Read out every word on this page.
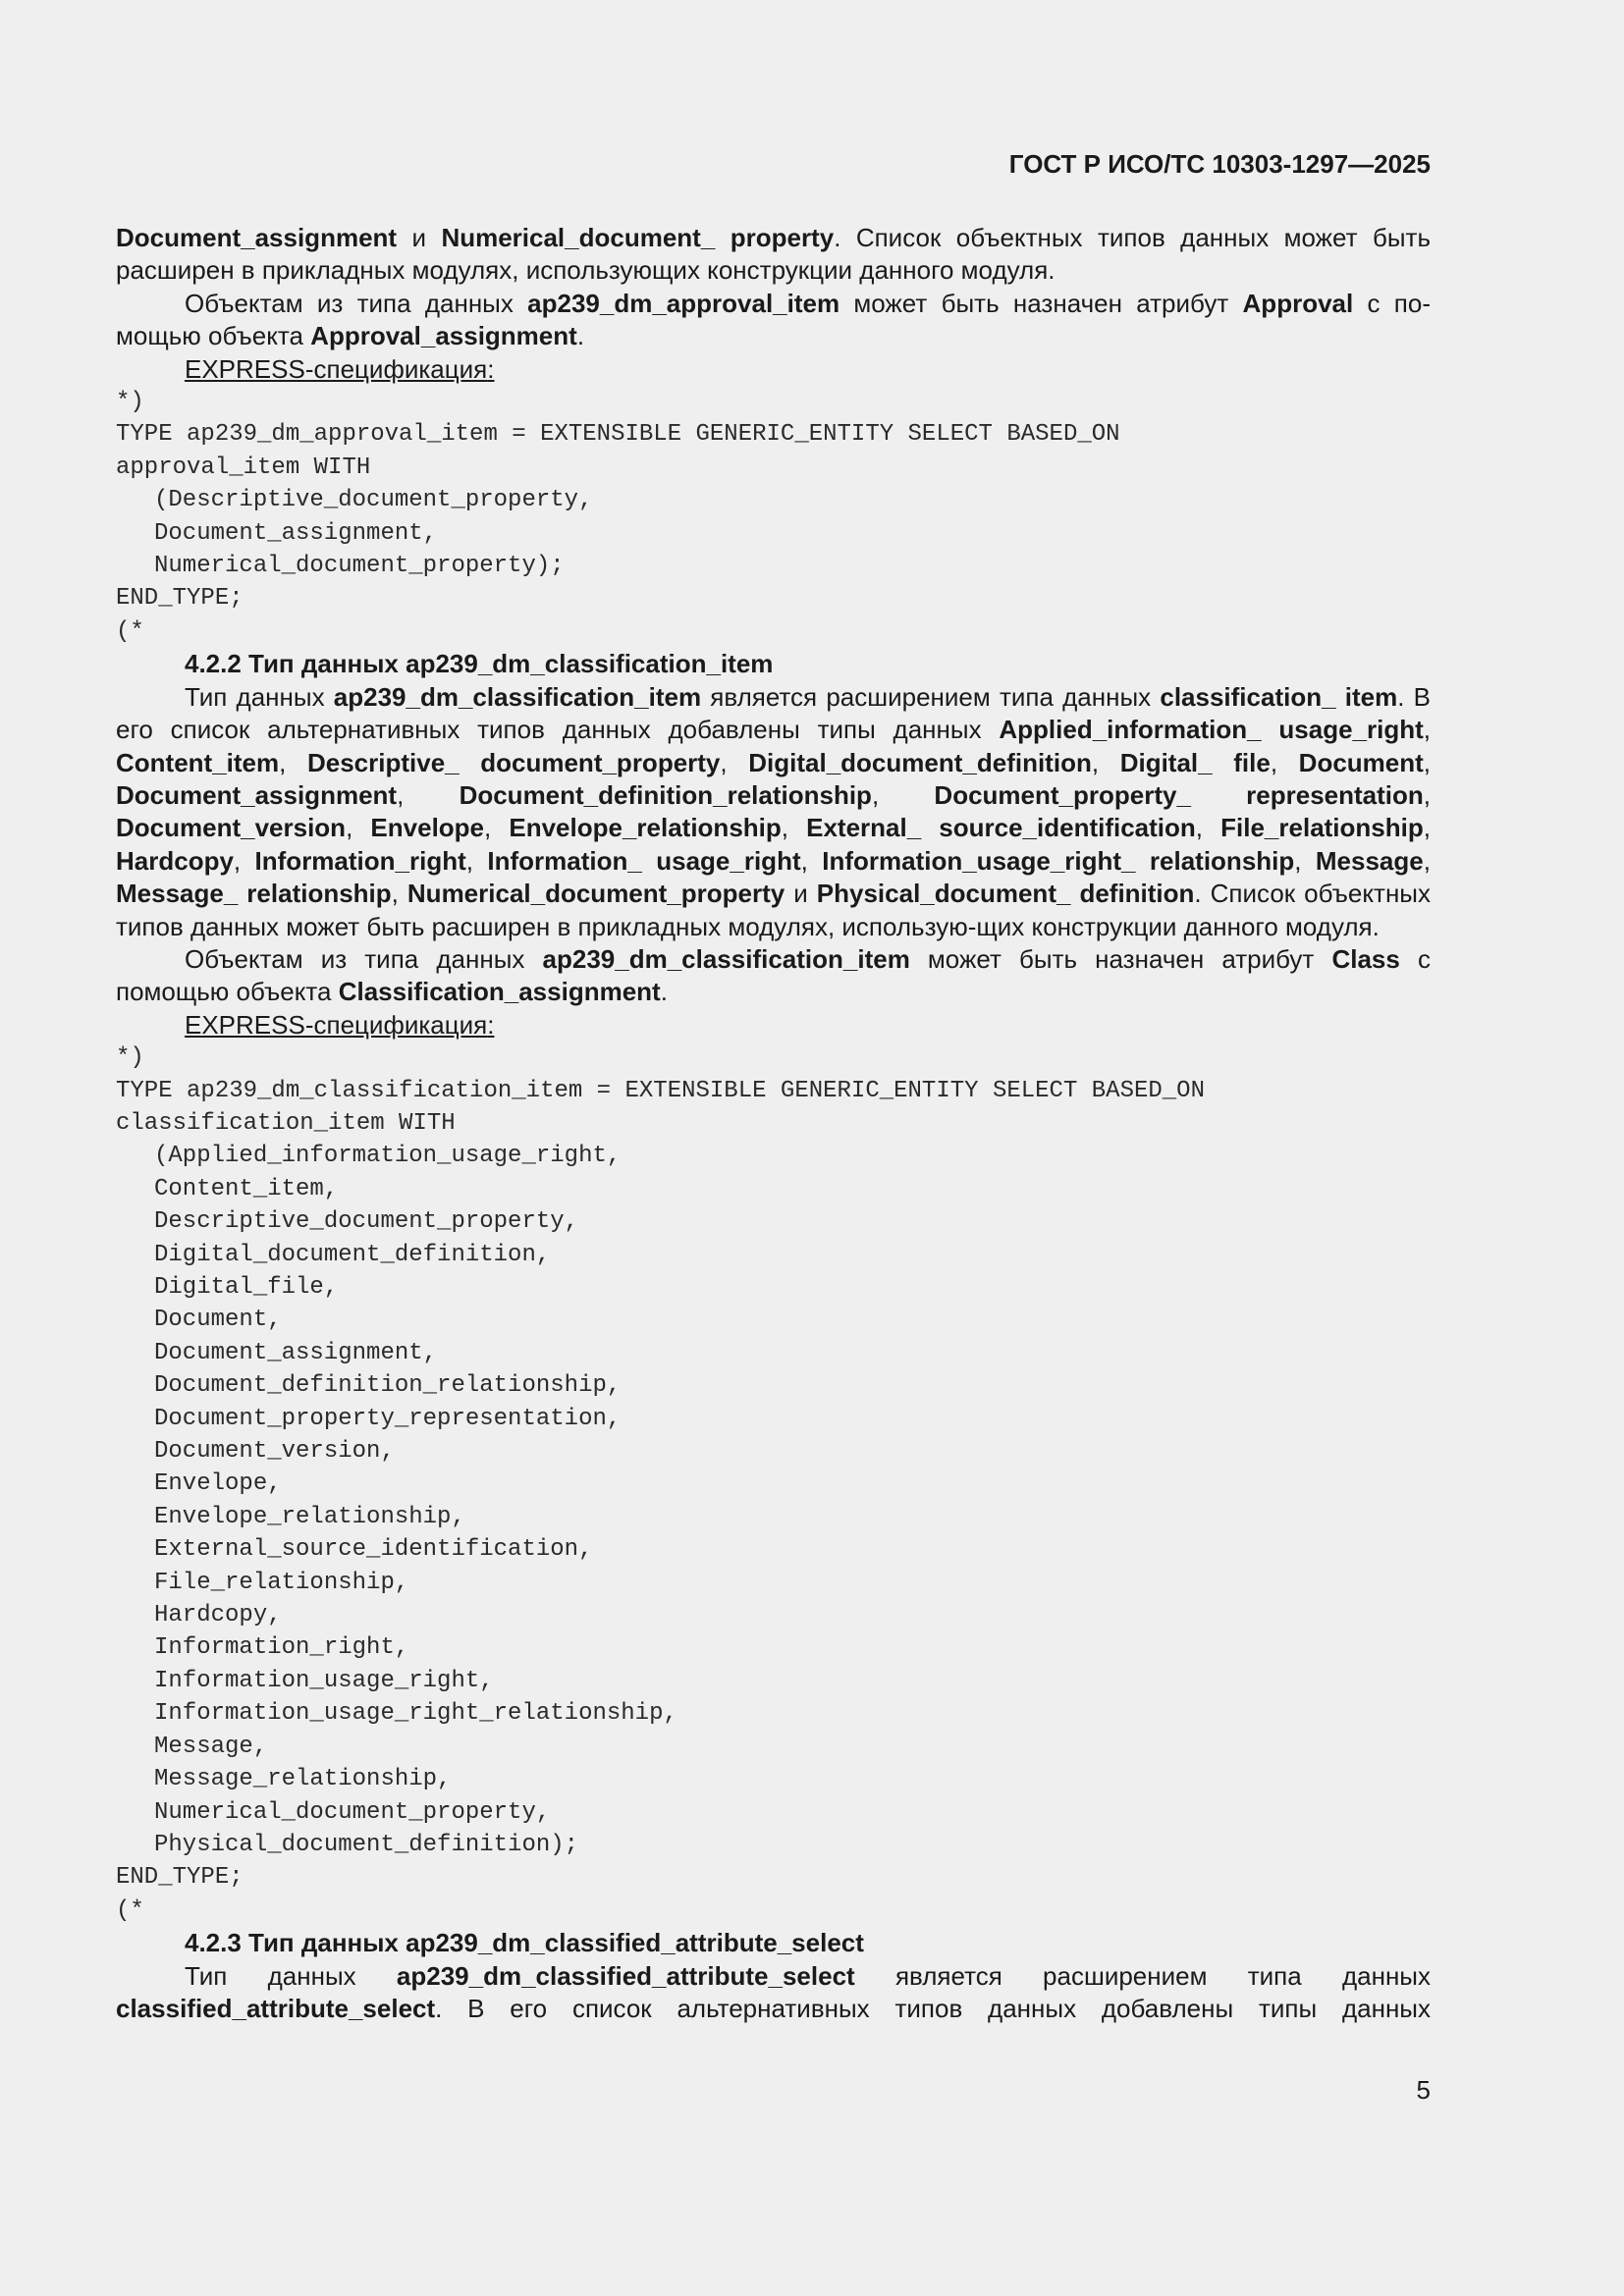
ГОСТ Р ИСО/ТС 10303-1297—2025

Document_assignment и Numerical_document_ property. Список объектных типов данных может быть расширен в прикладных модулях, использующих конструкции данного модуля.

Объектам из типа данных ap239_dm_approval_item может быть назначен атрибут Approval с по-мощью объекта Approval_assignment.

EXPRESS-спецификация:

*)

TYPE ap239_dm_approval_item = EXTENSIBLE GENERIC_ENTITY SELECT BASED_ON

approval_item WITH

(Descriptive_document_property,

Document_assignment,

Numerical_document_property);

END_TYPE;

(*

4.2.2 Тип данных ap239_dm_classification_item

Тип данных ap239_dm_classification_item является расширением типа данных classification_ item. В его список альтернативных типов данных добавлены типы данных Applied_information_ usage_right, Content_item, Descriptive_ document_property, Digital_document_definition, Digital_ file, Document, Document_assignment, Document_definition_relationship, Document_property_ representation, Document_version, Envelope, Envelope_relationship, External_ source_identification, File_relationship, Hardcopy, Information_right, Information_ usage_right, Information_usage_right_ relationship, Message, Message_ relationship, Numerical_document_property и Physical_document_ definition. Список объектных типов данных может быть расширен в прикладных модулях, использую-щих конструкции данного модуля.

Объектам из типа данных ap239_dm_classification_item может быть назначен атрибут Class с помощью объекта Classification_assignment.

EXPRESS-спецификация:

*)

TYPE ap239_dm_classification_item = EXTENSIBLE GENERIC_ENTITY SELECT BASED_ON

classification_item WITH

(Applied_information_usage_right,

Content_item,

Descriptive_document_property,

Digital_document_definition,

Digital_file,

Document,

Document_assignment,

Document_definition_relationship,

Document_property_representation,

Document_version,

Envelope,

Envelope_relationship,

External_source_identification,

File_relationship,

Hardcopy,

Information_right,

Information_usage_right,

Information_usage_right_relationship,

Message,

Message_relationship,

Numerical_document_property,

Physical_document_definition);

END_TYPE;

(*

4.2.3 Тип данных ap239_dm_classified_attribute_select

Тип данных ap239_dm_classified_attribute_select является расширением типа данных classified_attribute_select. В его список альтернативных типов данных добавлены типы данных

5
